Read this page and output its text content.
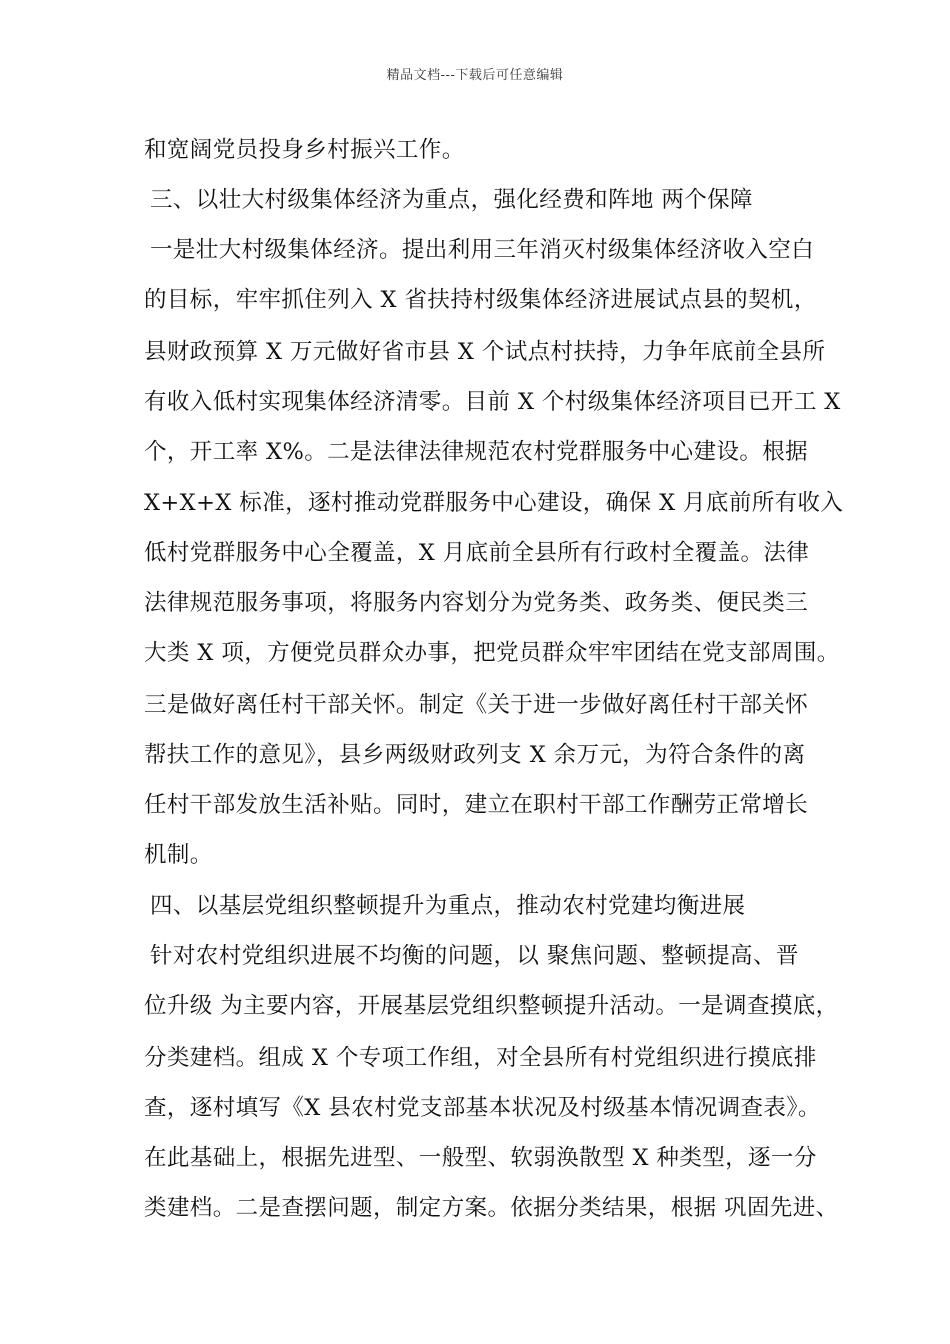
精品文档---下载后可任意编辑
和宽阔党员投身乡村振兴工作。
三、以壮大村级集体经济为重点，强化经费和阵地 两个保障
一是壮大村级集体经济。提出利用三年消灭村级集体经济收入空白
的目标，牢牢抓住列入 X 省扶持村级集体经济进展试点县的契机，
县财政预算 X 万元做好省市县 X 个试点村扶持，力争年底前全县所
有收入低村实现集体经济清零。目前 X 个村级集体经济项目已开工 X
个，开工率 X%。二是法律法律规范农村党群服务中心建设。根据
X+X+X 标准，逐村推动党群服务中心建设，确保 X 月底前所有收入
低村党群服务中心全覆盖，X 月底前全县所有行政村全覆盖。法律
法律规范服务事项，将服务内容划分为党务类、政务类、便民类三
大类 X 项，方便党员群众办事，把党员群众牢牢团结在党支部周围。
三是做好离任村干部关怀。制定《关于进一步做好离任村干部关怀
帮扶工作的意见》，县乡两级财政列支 X 余万元，为符合条件的离
任村干部发放生活补贴。同时，建立在职村干部工作酬劳正常增长
机制。
四、以基层党组织整顿提升为重点，推动农村党建均衡进展
针对农村党组织进展不均衡的问题，以 聚焦问题、整顿提高、晋
位升级 为主要内容，开展基层党组织整顿提升活动。一是调查摸底，
分类建档。组成 X 个专项工作组，对全县所有村党组织进行摸底排
查，逐村填写《X 县农村党支部基本状况及村级基本情况调查表》。
在此基础上，根据先进型、一般型、软弱涣散型 X 种类型，逐一分
类建档。二是查摆问题，制定方案。依据分类结果，根据 巩固先进、
